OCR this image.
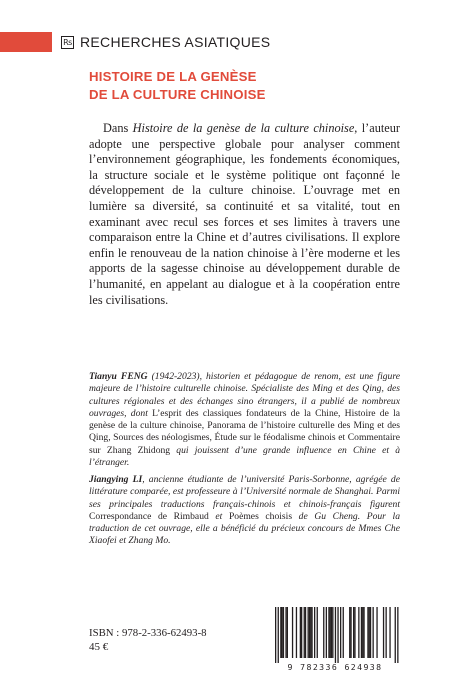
Rs RECHERCHES ASIATIQUES
HISTOIRE DE LA GENÈSE
DE LA CULTURE CHINOISE
Dans Histoire de la genèse de la culture chinoise, l’auteur adopte une perspective globale pour analyser comment l’environnement géographique, les fondements économiques, la structure sociale et le système politique ont façonné le développement de la culture chinoise. L’ouvrage met en lumière sa diversité, sa continuité et sa vitalité, tout en examinant avec recul ses forces et ses limites à travers une comparaison entre la Chine et d’autres civilisations. Il explore enfin le renouveau de la nation chinoise à l’ère moderne et les apports de la sagesse chinoise au développement durable de l’humanité, en appelant au dialogue et à la coopération entre les civilisations.
Tianyu FENG (1942-2023), historien et pédagogue de renom, est une figure majeure de l’histoire culturelle chinoise. Spécialiste des Ming et des Qing, des cultures régionales et des échanges sino étrangers, il a publié de nombreux ouvrages, dont L’esprit des classiques fondateurs de la Chine, Histoire de la genèse de la culture chinoise, Panorama de l’histoire culturelle des Ming et des Qing, Sources des néologismes, Étude sur le féodalisme chinois et Commentaire sur Zhang Zhidong qui jouissent d’une grande influence en Chine et à l’étranger.
Jiangying LI, ancienne étudiante de l’université Paris-Sorbonne, agrégée de littérature comparée, est professeure à l’Université normale de Shanghai. Parmi ses principales traductions français-chinois et chinois-français figurent Correspondance de Rimbaud et Poèmes choisis de Gu Cheng. Pour la traduction de cet ouvrage, elle a bénéficié du précieux concours de Mmes Che Xiaofei et Zhang Mo.
ISBN : 978-2-336-62493-8
45 €
9 782336 624938
